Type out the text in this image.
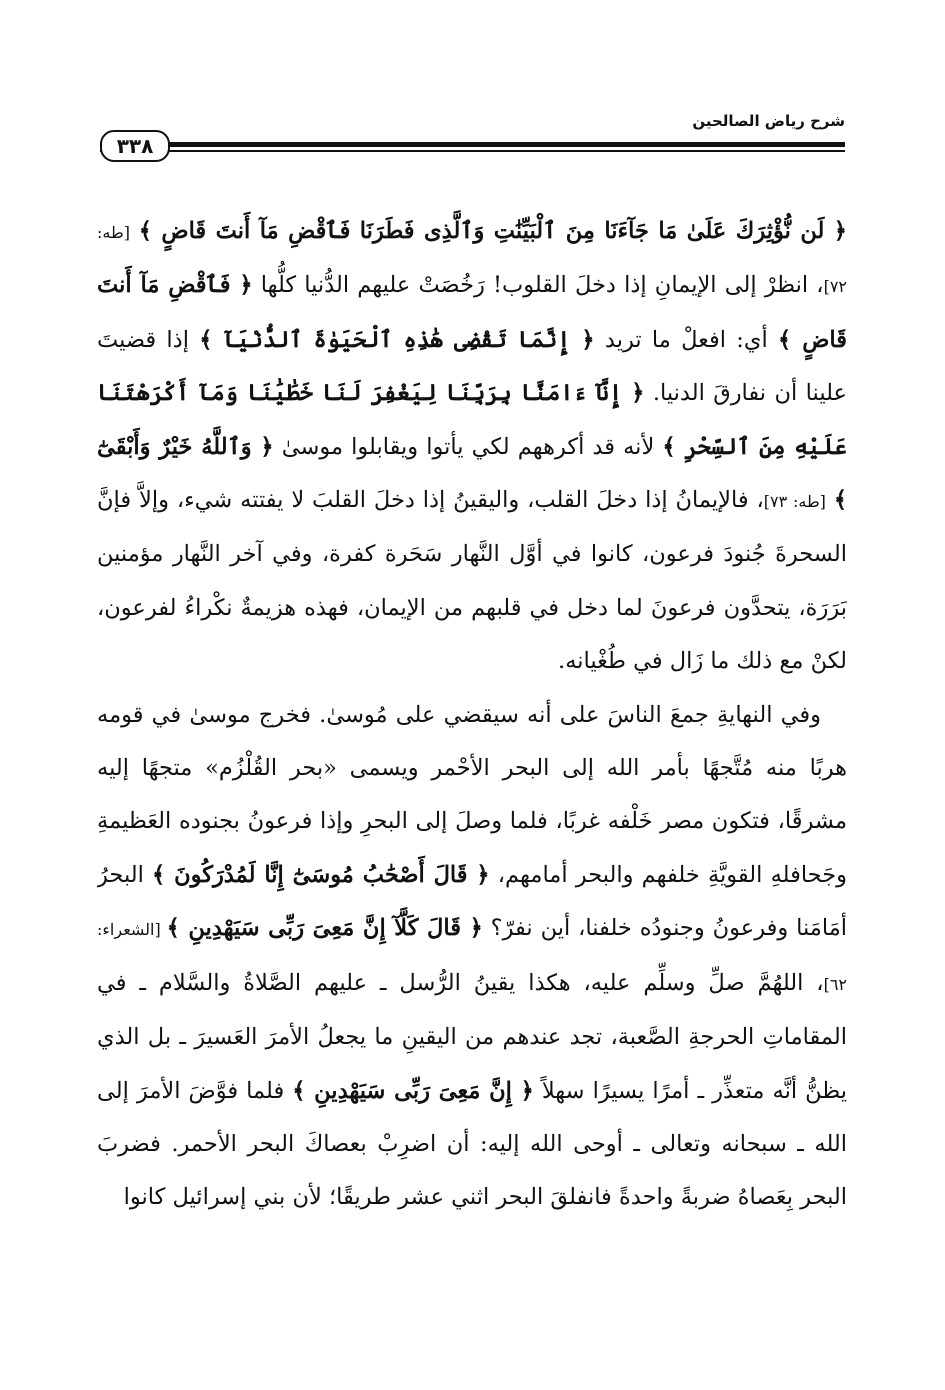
شرح رياض الصالحين
٣٣٨

﴿ لَن نُّؤْثِرَكَ عَلَىٰ مَا جَآءَنَا مِنَ ٱلْبَيِّنَٰتِ وَٱلَّذِى فَطَرَنَا فَٱقْضِ مَآ أَنتَ قَاضٍ ﴾ [طه: ٧٢]، انظرْ إلى الإيمانِ إذا دخلَ القلوب! رَخُصَتْ عليهم الدُّنيا كلُّها ﴿ فَٱقْضِ مَآ أَنتَ قَاضٍ ﴾ أي: افعلْ ما تريد ﴿ إِنَّمَا تَقْضِى هَٰذِهِ ٱلْحَيَوٰةَ ٱلدُّنْيَآ ﴾ إذا قضيتَ علينا أن نفارقَ الدنيا. ﴿ إِنَّآ ءَامَنَّا بِرَبِّنَا لِيَغْفِرَ لَنَا خَطَٰيَٰنَا وَمَآ أَكْرَهْتَنَا عَلَيْهِ مِنَ ٱلسِّحْرِ ﴾ لأنه قد أكرههم لكي يأتوا ويقابلوا موسىٰ ﴿ وَٱللَّهُ خَيْرٌ وَأَبْقَىٰٓ ﴾ [طه: ٧٣]، فالإيمانُ إذا دخلَ القلب، واليقينُ إذا دخلَ القلبَ لا يفتته شيء، وإلاَّ فإنَّ السحرةَ جُنودَ فرعون، كانوا في أوَّل النَّهار سَحَرة كفرة، وفي آخر النَّهار مؤمنين بَرَرَة، يتحدَّون فرعونَ لما دخل في قلبهم من الإيمان، فهذه هزيمةٌ نكْراءُ لفرعون، لكنْ مع ذلك ما زَال في طُغْيانه.

وفي النهايةِ جمعَ الناسَ على أنه سيقضي على مُوسىٰ. فخرج موسىٰ في قومه هربًا منه مُتَّجهًا بأمر الله إلى البحر الأحْمر ويسمى «بحر القُلْزُم» متجهًا إليه مشرقًا، فتكون مصر خَلْفه غربًا، فلما وصلَ إلى البحرِ وإذا فرعونُ بجنوده العَظيمةِ وجَحافلهِ القويَّةِ خلفهم والبحر أمامهم، ﴿ قَالَ أَصْحَٰبُ مُوسَىٰٓ إِنَّا لَمُدْرَكُونَ ﴾ البحرُ أمَامَنا وفرعونُ وجنودُه خلفنا، أين نفرّ؟ ﴿ قَالَ كَلَّآ إِنَّ مَعِىَ رَبِّى سَيَهْدِينِ ﴾ [الشعراء: ٦٢]، اللهُمَّ صلِّ وسلِّم عليه، هكذا يقينُ الرُّسل ـ عليهم الصَّلاةُ والسَّلام ـ في المقاماتِ الحرجةِ الصَّعبة، تجد عندهم من اليقينِ ما يجعلُ الأمرَ العَسيرَ ـ بل الذي يظنُّ أنَّه متعذِّر ـ أمرًا يسيرًا سهلاً ﴿ إِنَّ مَعِىَ رَبِّى سَيَهْدِينِ ﴾ فلما فوَّضَ الأمرَ إلى الله ـ سبحانه وتعالى ـ أوحى الله إليه: أن اضرِبْ بعصاكَ البحر الأحمر. فضربَ البحر بِعَصاهُ ضربةً واحدةً فانفلقَ البحر اثني عشر طريقًا؛ لأن بني إسرائيل كانوا
